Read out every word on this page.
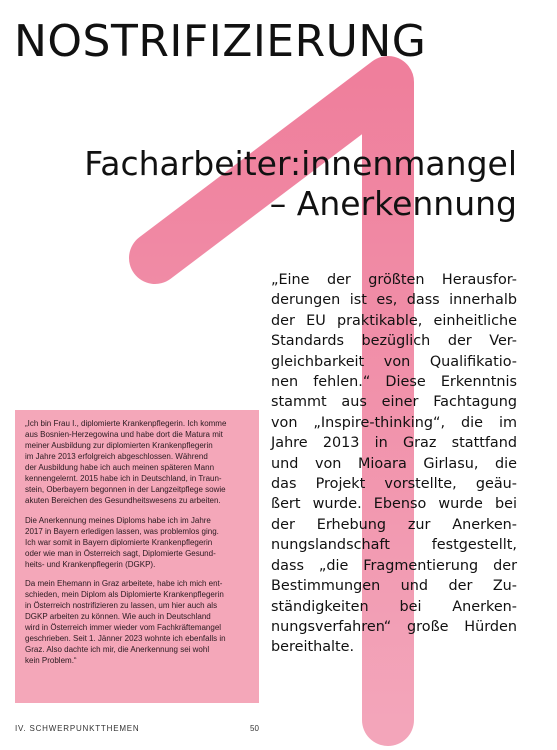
NOSTRIFIZIERUNG
Facharbeiter:innenmangel
– Anerkennung
„Eine der größten Herausfor-
derungen ist es, dass innerhalb
der EU praktikable, einheitliche
Standards bezüglich der Ver-
gleichbarkeit von Qualifikatio-
nen fehlen.“ Diese Erkenntnis
stammt aus einer Fachtagung
von „Inspire-thinking“, die im
Jahre 2013 in Graz stattfand
und von Mioara Girlasu, die
das Projekt vorstellte, geäu-
ßert wurde. Ebenso wurde bei
der Erhebung zur Anerken-
nungslandschaft festgestellt,
dass „die Fragmentierung der
Bestimmungen und der Zu-
ständigkeiten bei Anerken-
nungsverfahren“ große Hürden
bereithalte.

„Ich bin Frau I., diplomierte Krankenpflegerin. Ich komme
aus Bosnien-Herzegowina und habe dort die Matura mit
meiner Ausbildung zur diplomierten Krankenpflegerin
im Jahre 2013 erfolgreich abgeschlossen. Während
der Ausbildung habe ich auch meinen späteren Mann
kennengelernt. 2015 habe ich in Deutschland, in Traun-
stein, Oberbayern begonnen in der Langzeitpflege sowie
akuten Bereichen des Gesundheitswesens zu arbeiten.

Die Anerkennung meines Diploms habe ich im Jahre
2017 in Bayern erledigen lassen, was problemlos ging.
Ich war somit in Bayern diplomierte Krankenpflegerin
oder wie man in Österreich sagt, Diplomierte Gesund-
heits- und Krankenpflegerin (DGKP).

Da mein Ehemann in Graz arbeitete, habe ich mich ent-
schieden, mein Diplom als Diplomierte Krankenpflegerin
in Österreich nostrifizieren zu lassen, um hier auch als
DGKP arbeiten zu können. Wie auch in Deutschland
wird in Österreich immer wieder vom Fachkräftemangel
geschrieben. Seit 1. Jänner 2023 wohnte ich ebenfalls in
Graz. Also dachte ich mir, die Anerkennung sei wohl
kein Problem.“

IV. SCHWERPUNKTTHEMEN	50
